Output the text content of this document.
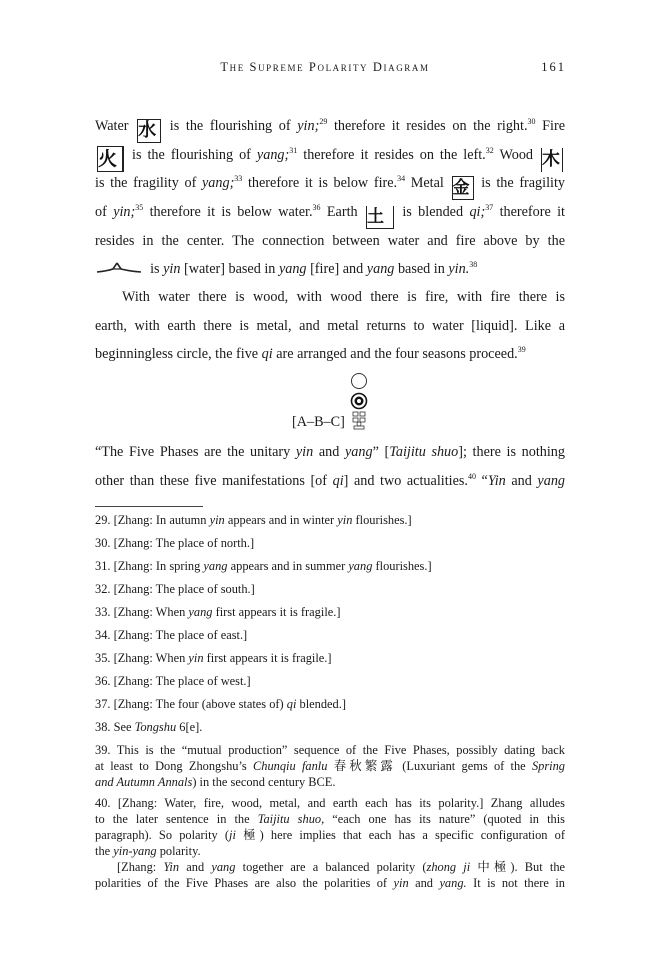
The Supreme Polarity Diagram	161
Water 水 is the flourishing of yin;$^{29}$ therefore it resides on the right.$^{30}$ Fire
火 is the flourishing of yang;$^{31}$ therefore it resides on the left.$^{32}$ Wood 木
is the fragility of yang;$^{33}$ therefore it is below fire.$^{34}$ Metal 金 is the fragility
of yin;$^{35}$ therefore it is below water.$^{36}$ Earth 土 is blended qi;$^{37}$ therefore it
resides in the center. The connection between water and fire above by the
is yin [water] based in yang [fire] and yang based in yin.$^{38}$
With water there is wood, with wood there is fire, with fire there is
earth, with earth there is metal, and metal returns to water [liquid]. Like a
beginningless circle, the five qi are arranged and the four seasons proceed.$^{39}$
[A–B–C]
“The Five Phases are the unitary yin and yang” [Taijitu shuo]; there is nothing
other than these five manifestations [of qi] and two actualities.$^{40}$ “Yin and yang
29. [Zhang: In autumn yin appears and in winter yin flourishes.]
30. [Zhang: The place of north.]
31. [Zhang: In spring yang appears and in summer yang flourishes.]
32. [Zhang: The place of south.]
33. [Zhang: When yang first appears it is fragile.]
34. [Zhang: The place of east.]
35. [Zhang: When yin first appears it is fragile.]
36. [Zhang: The place of west.]
37. [Zhang: The four (above states of) qi blended.]
38. See Tongshu 6[e].
39. This is the “mutual production” sequence of the Five Phases, possibly dating back
at least to Dong Zhongshu’s Chunqiu fanlu 春秋繁露 (Luxuriant gems of the Spring
and Autumn Annals) in the second century BCE.
40. [Zhang: Water, fire, wood, metal, and earth each has its polarity.] Zhang alludes
to the later sentence in the Taijitu shuo, “each one has its nature” (quoted in this
paragraph). So polarity (ji 極) here implies that each has a specific configuration of
the yin-yang polarity.
[Zhang: Yin and yang together are a balanced polarity (zhong ji 中極). But the
polarities of the Five Phases are also the polarities of yin and yang. It is not there in
